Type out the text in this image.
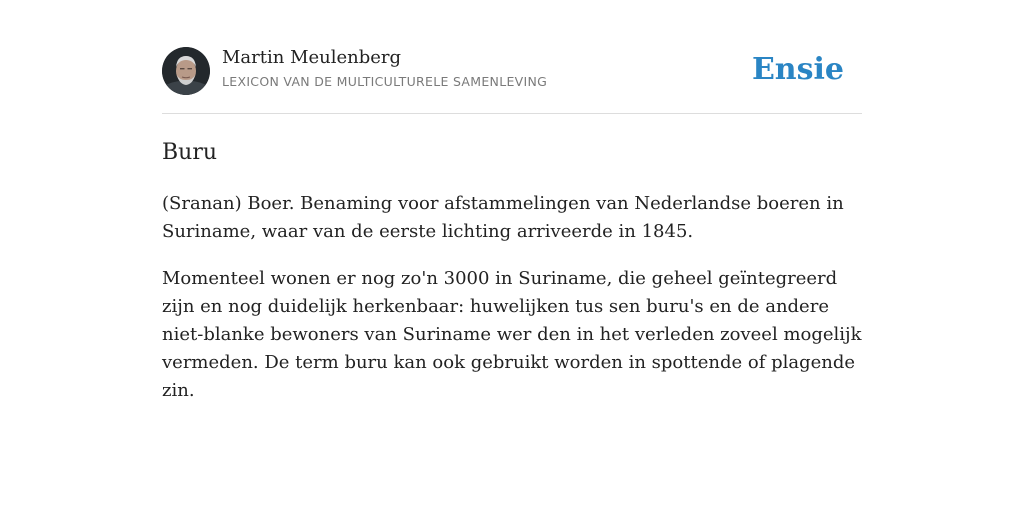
Martin Meulenberg
LEXICON VAN DE MULTICULTURELE SAMENLEVING	Ensie
Buru

(Sranan) Boer. Benaming voor afstammelingen van Nederlandse boeren in Suriname, waar van de eerste lichting arriveerde in 1845.

Momenteel wonen er nog zo'n 3000 in Suriname, die geheel geïntegreerd zijn en nog duidelijk herkenbaar: huwelijken tus sen buru's en de andere niet-blanke bewoners van Suriname wer den in het verleden zoveel mogelijk vermeden. De term buru kan ook gebruikt worden in spottende of plagende zin.
